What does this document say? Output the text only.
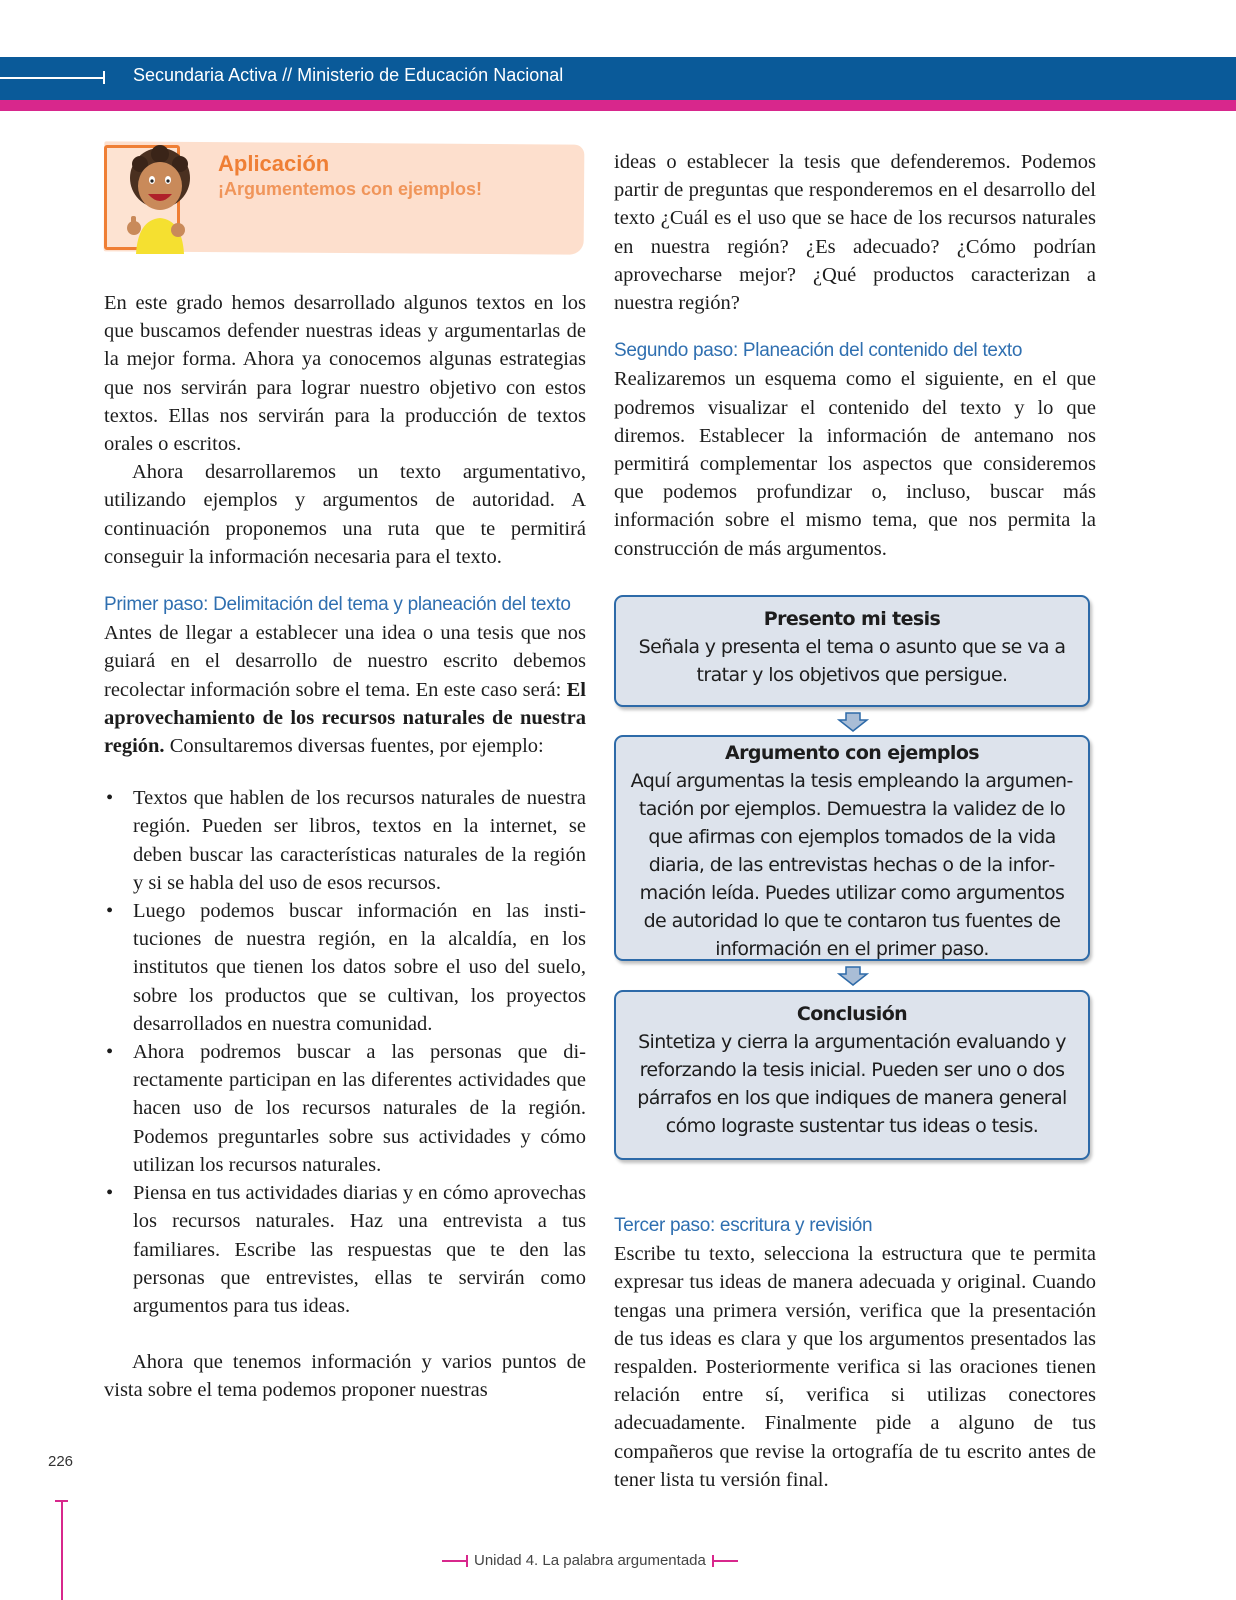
Secundaria Activa // Ministerio de Educación Nacional
Aplicación
¡Argumentemos con ejemplos!

En este grado hemos desarrollado algunos textos en los que buscamos defender nuestras ideas y argumentarlas de la mejor forma. Ahora ya conocemos algunas estrategias que nos servirán para lograr nuestro objetivo con estos textos. Ellas nos servirán para la producción de textos orales o escritos.

Ahora desarrollaremos un texto argumentativo, utilizando ejemplos y argumentos de autoridad. A continuación proponemos una ruta que te permitirá conseguir la información necesaria para el texto.

Primer paso: Delimitación del tema y planeación del texto

Antes de llegar a establecer una idea o una tesis que nos guiará en el desarrollo de nuestro escrito debemos recolectar información sobre el tema. En este caso será: El aprovechamiento de los recursos naturales de nuestra región. Consultaremos diversas fuentes, por ejemplo:

• Textos que hablen de los recursos naturales de nuestra región. Pueden ser libros, textos en la internet, se deben buscar las características naturales de la región y si se habla del uso de esos recursos.
• Luego podemos buscar información en las instituciones de nuestra región, en la alcaldía, en los institutos que tienen los datos sobre el uso del suelo, sobre los productos que se cultivan, los proyectos desarrollados en nuestra comunidad.
• Ahora podremos buscar a las personas que directamente participan en las diferentes actividades que hacen uso de los recursos naturales de la región. Podemos preguntarles sobre sus actividades y cómo utilizan los recursos naturales.
• Piensa en tus actividades diarias y en cómo aprovechas los recursos naturales. Haz una entrevista a tus familiares. Escribe las respuestas que te den las personas que entrevistes, ellas te servirán como argumentos para tus ideas.

Ahora que tenemos información y varios puntos de vista sobre el tema podemos proponer nuestras

ideas o establecer la tesis que defenderemos. Podemos partir de preguntas que responderemos en el desarrollo del texto ¿Cuál es el uso que se hace de los recursos naturales en nuestra región? ¿Es adecuado? ¿Cómo podrían aprovecharse mejor? ¿Qué productos caracterizan a nuestra región?

Segundo paso: Planeación del contenido del texto

Realizaremos un esquema como el siguiente, en el que podremos visualizar el contenido del texto y lo que diremos. Establecer la información de antemano nos permitirá complementar los aspectos que consideremos que podemos profundizar o, incluso, buscar más información sobre el mismo tema, que nos permita la construcción de más argumentos.

Presento mi tesis
Señala y presenta el tema o asunto que se va a tratar y los objetivos que persigue.
Argumento con ejemplos
Aquí argumentas la tesis empleando la argumentación por ejemplos. Demuestra la validez de lo que afirmas con ejemplos tomados de la vida diaria, de las entrevistas hechas o de la información leída. Puedes utilizar como argumentos de autoridad lo que te contaron tus fuentes de información en el primer paso.
Conclusión
Sintetiza y cierra la argumentación evaluando y reforzando la tesis inicial. Pueden ser uno o dos párrafos en los que indiques de manera general cómo lograste sustentar tus ideas o tesis.

Tercer paso: escritura y revisión

Escribe tu texto, selecciona la estructura que te permita expresar tus ideas de manera adecuada y original. Cuando tengas una primera versión, verifica que la presentación de tus ideas es clara y que los argumentos presentados las respalden. Posteriormente verifica si las oraciones tienen relación entre sí, verifica si utilizas conectores adecuadamente. Finalmente pide a alguno de tus compañeros que revise la ortografía de tu escrito antes de tener lista tu versión final.

226
Unidad 4.
La palabra argumentada
